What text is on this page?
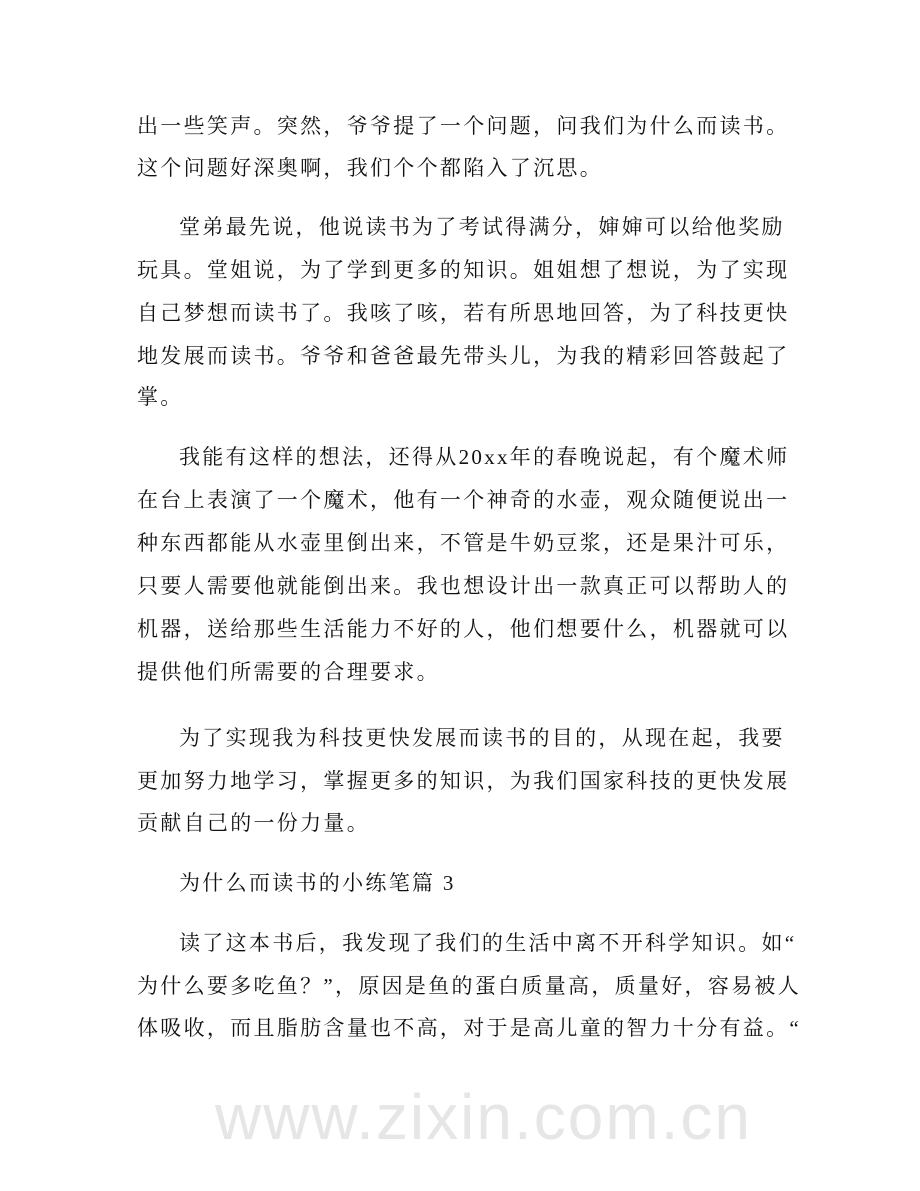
www.zixin.com.cn
出一些笑声。突然，爷爷提了一个问题，问我们为什么而读书。
这个问题好深奥啊，我们个个都陷入了沉思。
堂弟最先说，他说读书为了考试得满分，婶婶可以给他奖励
玩具。堂姐说，为了学到更多的知识。姐姐想了想说，为了实现
自己梦想而读书了。我咳了咳，若有所思地回答，为了科技更快
地发展而读书。爷爷和爸爸最先带头儿，为我的精彩回答鼓起了
掌。
我能有这样的想法，还得从20xx年的春晚说起，有个魔术师
在台上表演了一个魔术，他有一个神奇的水壶，观众随便说出一
种东西都能从水壶里倒出来，不管是牛奶豆浆，还是果汁可乐，
只要人需要他就能倒出来。我也想设计出一款真正可以帮助人的
机器，送给那些生活能力不好的人，他们想要什么，机器就可以
提供他们所需要的合理要求。
为了实现我为科技更快发展而读书的目的，从现在起，我要
更加努力地学习，掌握更多的知识，为我们国家科技的更快发展
贡献自己的一份力量。
为什么而读书的小练笔篇 3
读了这本书后，我发现了我们的生活中离不开科学知识。如“
为什么要多吃鱼？”，原因是鱼的蛋白质量高，质量好，容易被人
体吸收，而且脂肪含量也不高，对于是高儿童的智力十分有益。“
